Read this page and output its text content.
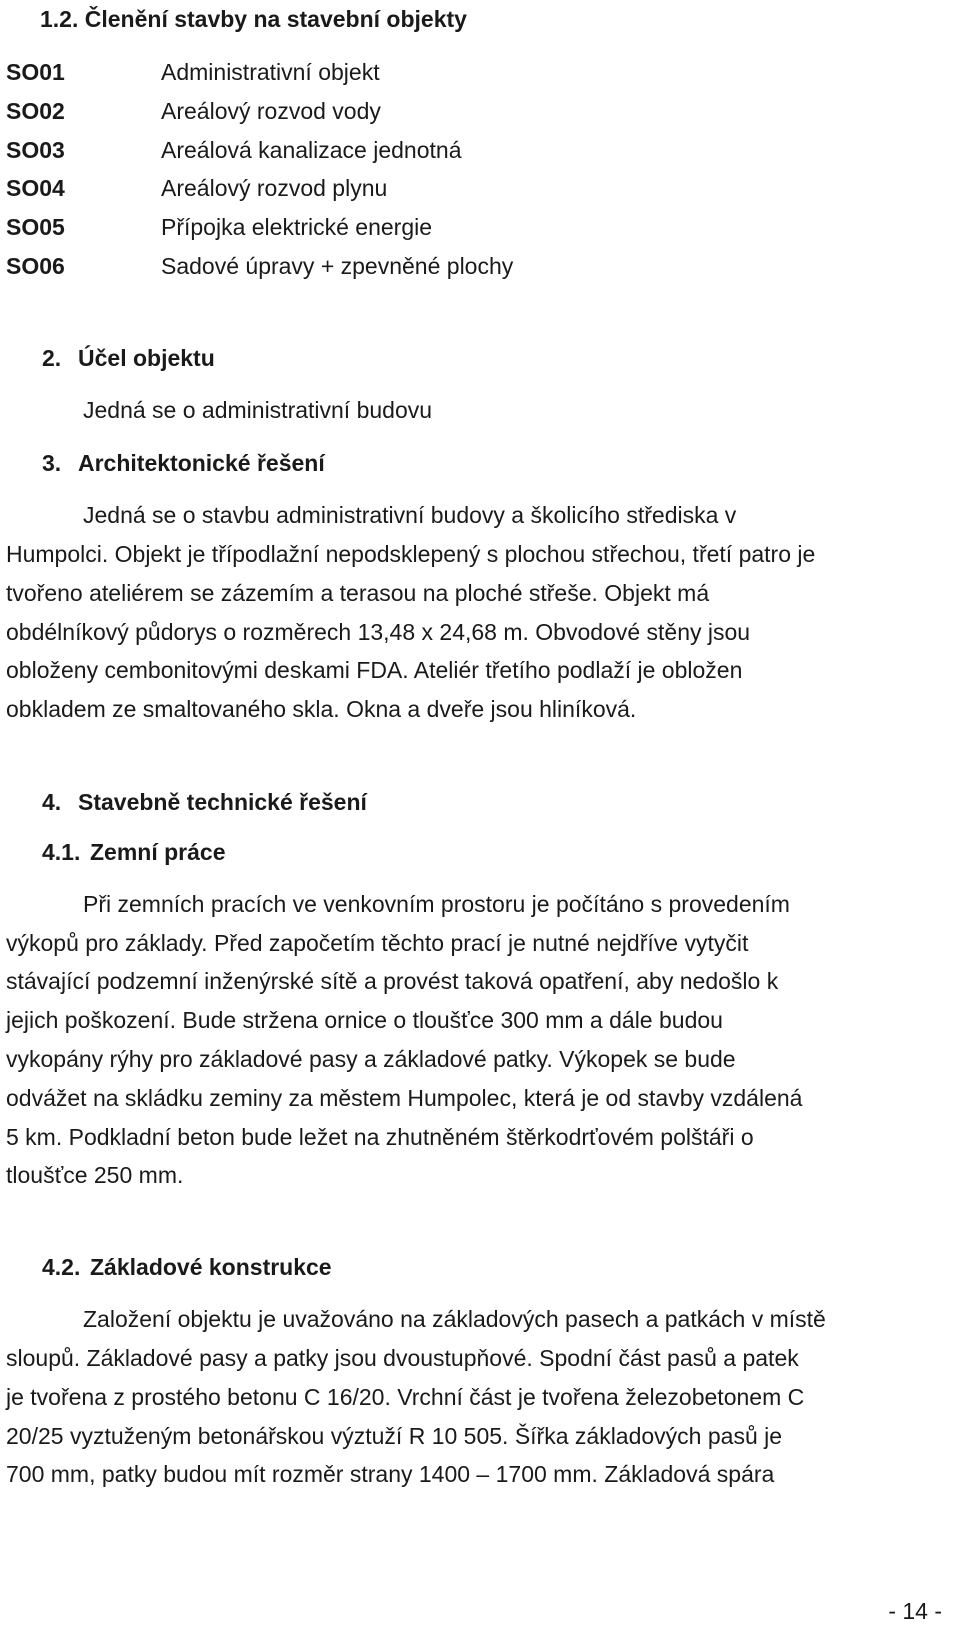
1.2. Členění stavby na stavební objekty
SO01	Administrativní objekt
SO02	Areálový rozvod vody
SO03	Areálová kanalizace jednotná
SO04	Areálový rozvod plynu
SO05	Přípojka elektrické energie
SO06	Sadové úpravy + zpevněné plochy
2. Účel objektu
Jedná se o administrativní budovu
3. Architektonické řešení
Jedná se o stavbu administrativní budovy a školicího střediska v
Humpolci. Objekt je třípodlažní nepodsklepený s plochou střechou, třetí patro je
tvořeno ateliérem se zázemím a terasou na ploché střeše. Objekt má
obdélníkový půdorys o rozměrech 13,48 x 24,68 m. Obvodové stěny jsou
obloženy cembonitovými deskami FDA. Ateliér třetího podlaží je obložen
obkladem ze smaltovaného skla. Okna a dveře jsou hliníková.
4. Stavebně technické řešení
4.1. Zemní práce
Při zemních pracích ve venkovním prostoru je počítáno s provedením
výkopů pro základy. Před započetím těchto prací je nutné nejdříve vytyčit
stávající podzemní inženýrské sítě a provést taková opatření, aby nedošlo k
jejich poškození. Bude stržena ornice o tloušťce 300 mm a dále budou
vykopány rýhy pro základové pasy a základové patky. Výkopek se bude
odvážet na skládku zeminy za městem Humpolec, která je od stavby vzdálená
5 km. Podkladní beton bude ležet na zhutněném štěrkodrťovém polštáři o
tloušťce 250 mm.
4.2. Základové konstrukce
Založení objektu je uvažováno na základových pasech a patkách v místě
sloupů. Základové pasy a patky jsou dvoustupňové. Spodní část pasů a patek
je tvořena z prostého betonu C 16/20. Vrchní část je tvořena železobetonem C
20/25 vyztuženým betonářskou výztuží R 10 505. Šířka základových pasů je
700 mm, patky budou mít rozměr strany 1400 – 1700 mm. Základová spára
- 14 -
